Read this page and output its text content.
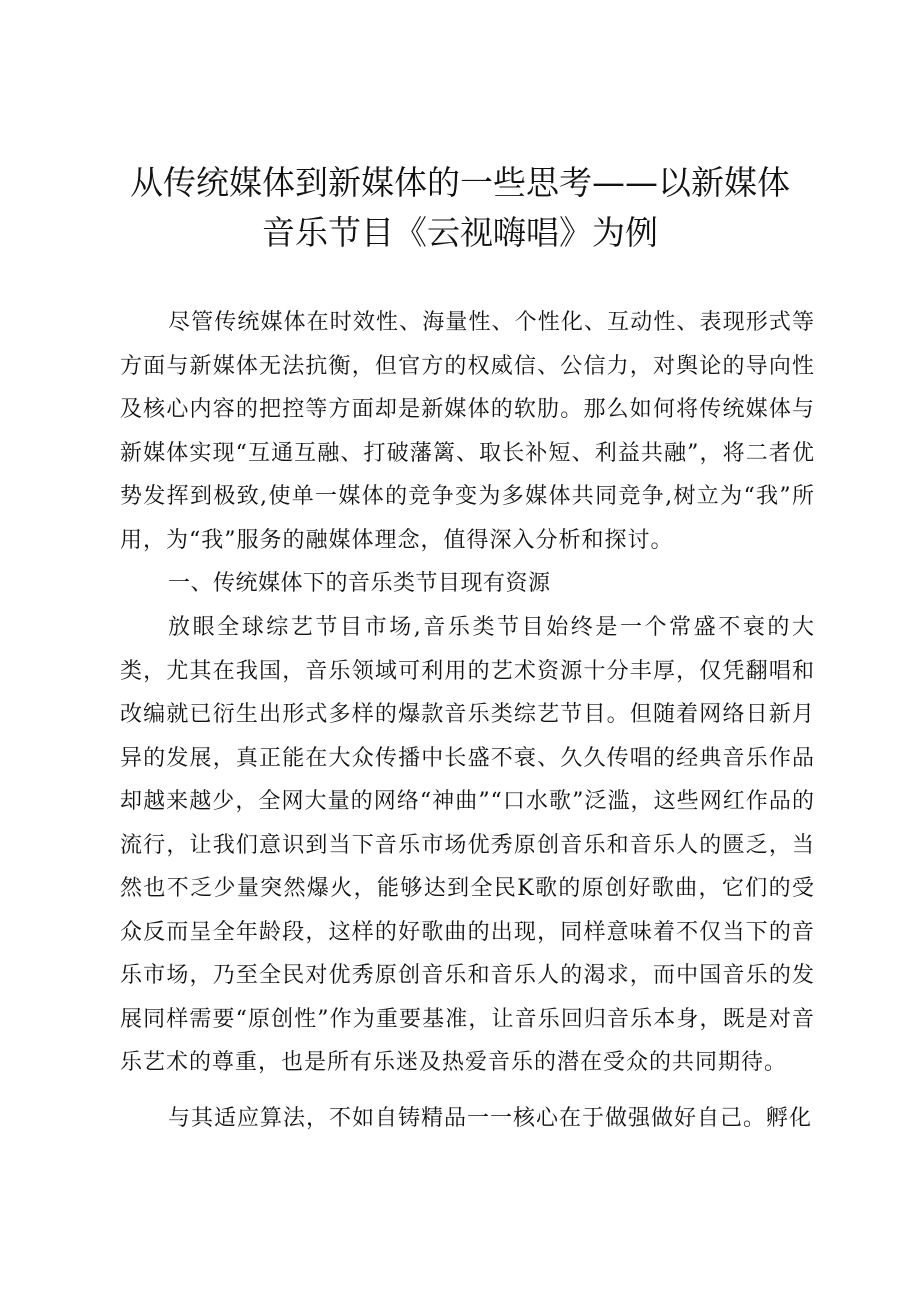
从传统媒体到新媒体的一些思考——以新媒体

音乐节目《云视嗨唱》为例

尽管传统媒体在时效性、海量性、个性化、互动性、表现形式等方面与新媒体无法抗衡，但官方的权威信、公信力，对舆论的导向性及核心内容的把控等方面却是新媒体的软肋。那么如何将传统媒体与新媒体实现“互通互融、打破藩篱、取长补短、利益共融”，将二者优势发挥到极致,使单一媒体的竞争变为多媒体共同竞争,树立为“我”所用，为“我”服务的融媒体理念，值得深入分析和探讨。

一、传统媒体下的音乐类节目现有资源

放眼全球综艺节目市场,音乐类节目始终是一个常盛不衰的大类，尤其在我国，音乐领域可利用的艺术资源十分丰厚，仅凭翻唱和改编就已衍生出形式多样的爆款音乐类综艺节目。但随着网络日新月异的发展，真正能在大众传播中长盛不衰、久久传唱的经典音乐作品却越来越少，全网大量的网络“神曲”“口水歌”泛滥，这些网红作品的流行，让我们意识到当下音乐市场优秀原创音乐和音乐人的匮乏，当然也不乏少量突然爆火，能够达到全民K歌的原创好歌曲，它们的受众反而呈全年龄段，这样的好歌曲的出现，同样意味着不仅当下的音乐市场，乃至全民对优秀原创音乐和音乐人的渴求，而中国音乐的发展同样需要“原创性”作为重要基准，让音乐回归音乐本身，既是对音乐艺术的尊重，也是所有乐迷及热爱音乐的潜在受众的共同期待。

与其适应算法，不如自铸精品一一核心在于做强做好自己。孵化
